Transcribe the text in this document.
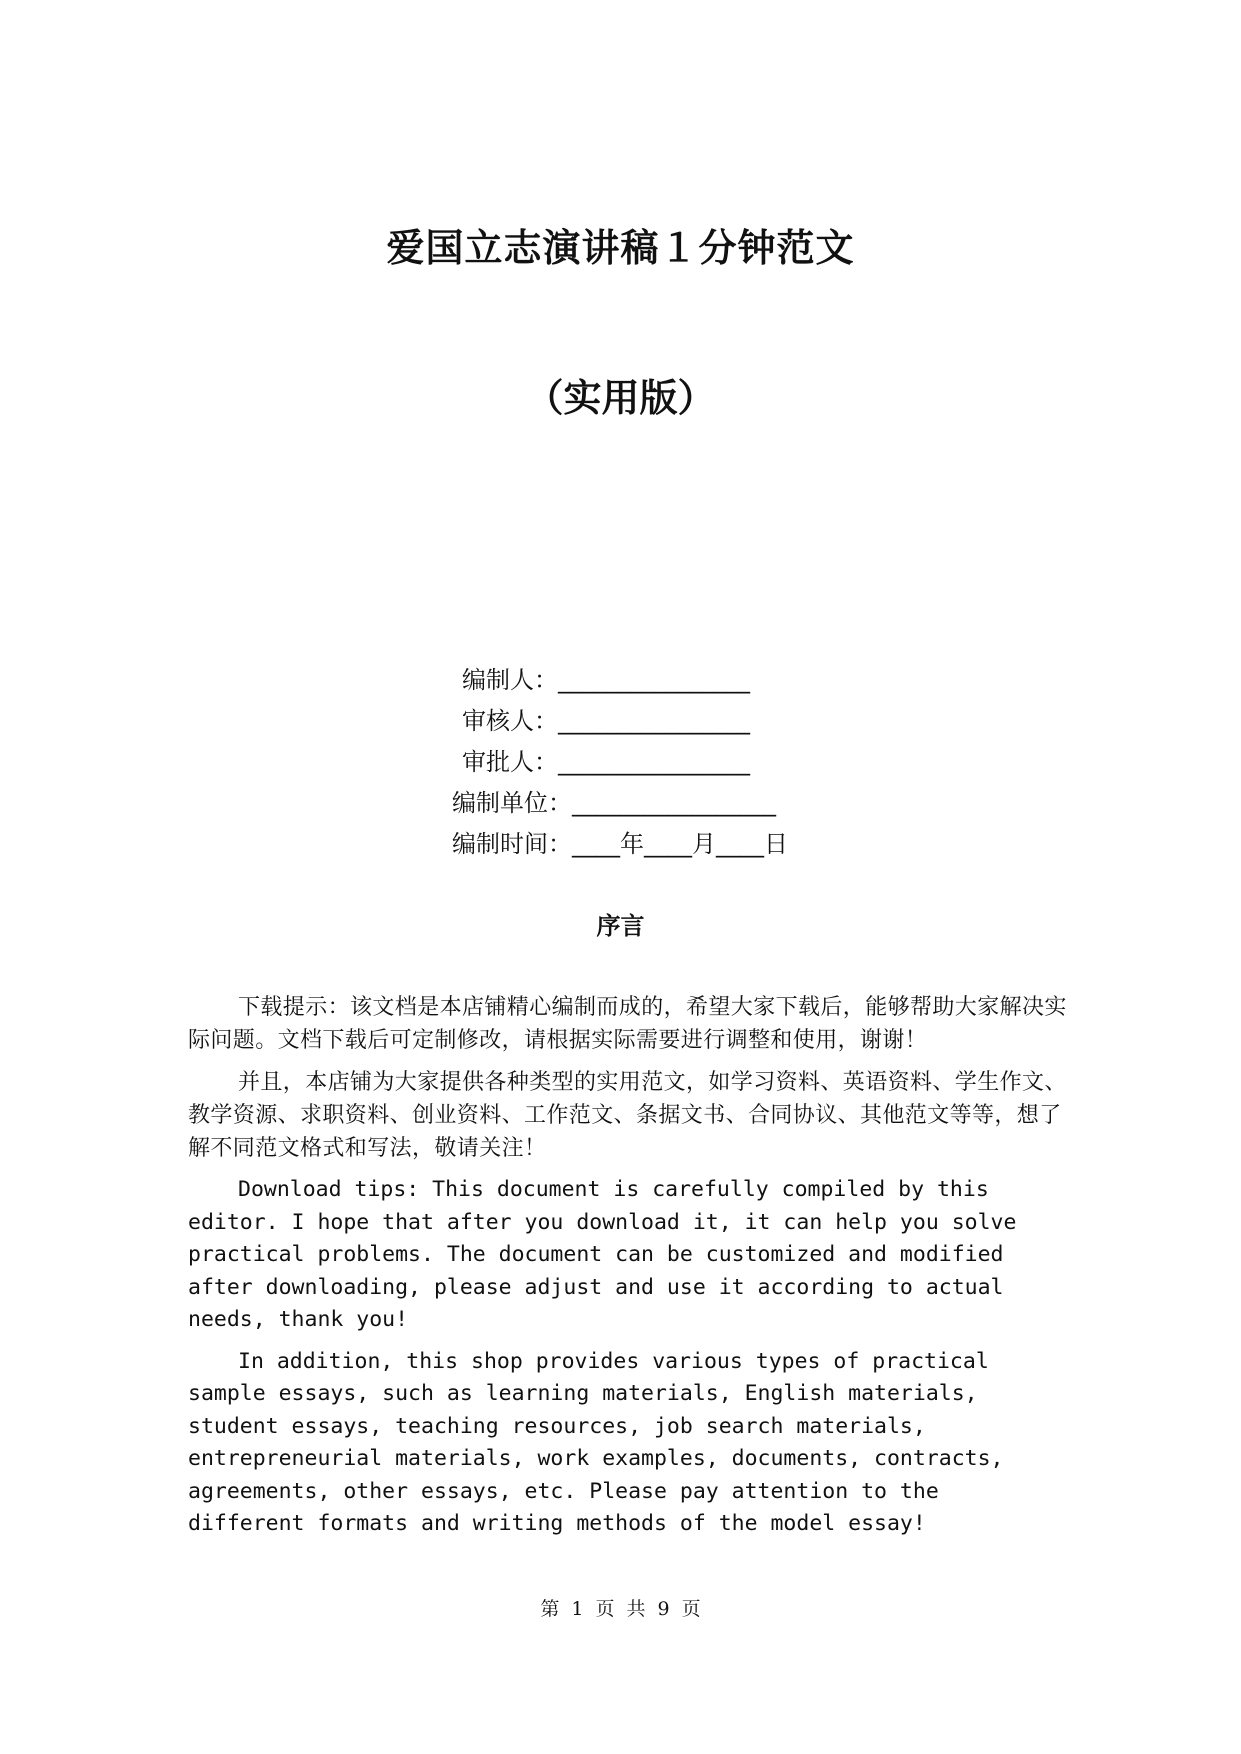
爱国立志演讲稿１分钟范文
（实用版）
编制人：________________
审核人：________________
审批人：________________
编制单位：_________________
编制时间：____年____月____日
序言

下载提示：该文档是本店铺精心编制而成的，希望大家下载后，能够帮助大家解决实际问题。文档下载后可定制修改，请根据实际需要进行调整和使用，谢谢！

并且，本店铺为大家提供各种类型的实用范文，如学习资料、英语资料、学生作文、教学资源、求职资料、创业资料、工作范文、条据文书、合同协议、其他范文等等，想了解不同范文格式和写法，敬请关注！

Download tips: This document is carefully compiled by this editor. I hope that after you download it, it can help you solve practical problems. The document can be customized and modified after downloading, please adjust and use it according to actual needs, thank you!

In addition, this shop provides various types of practical sample essays, such as learning materials, English materials, student essays, teaching resources, job search materials, entrepreneurial materials, work examples, documents, contracts, agreements, other essays, etc. Please pay attention to the different formats and writing methods of the model essay!

第 1 页 共 9 页
